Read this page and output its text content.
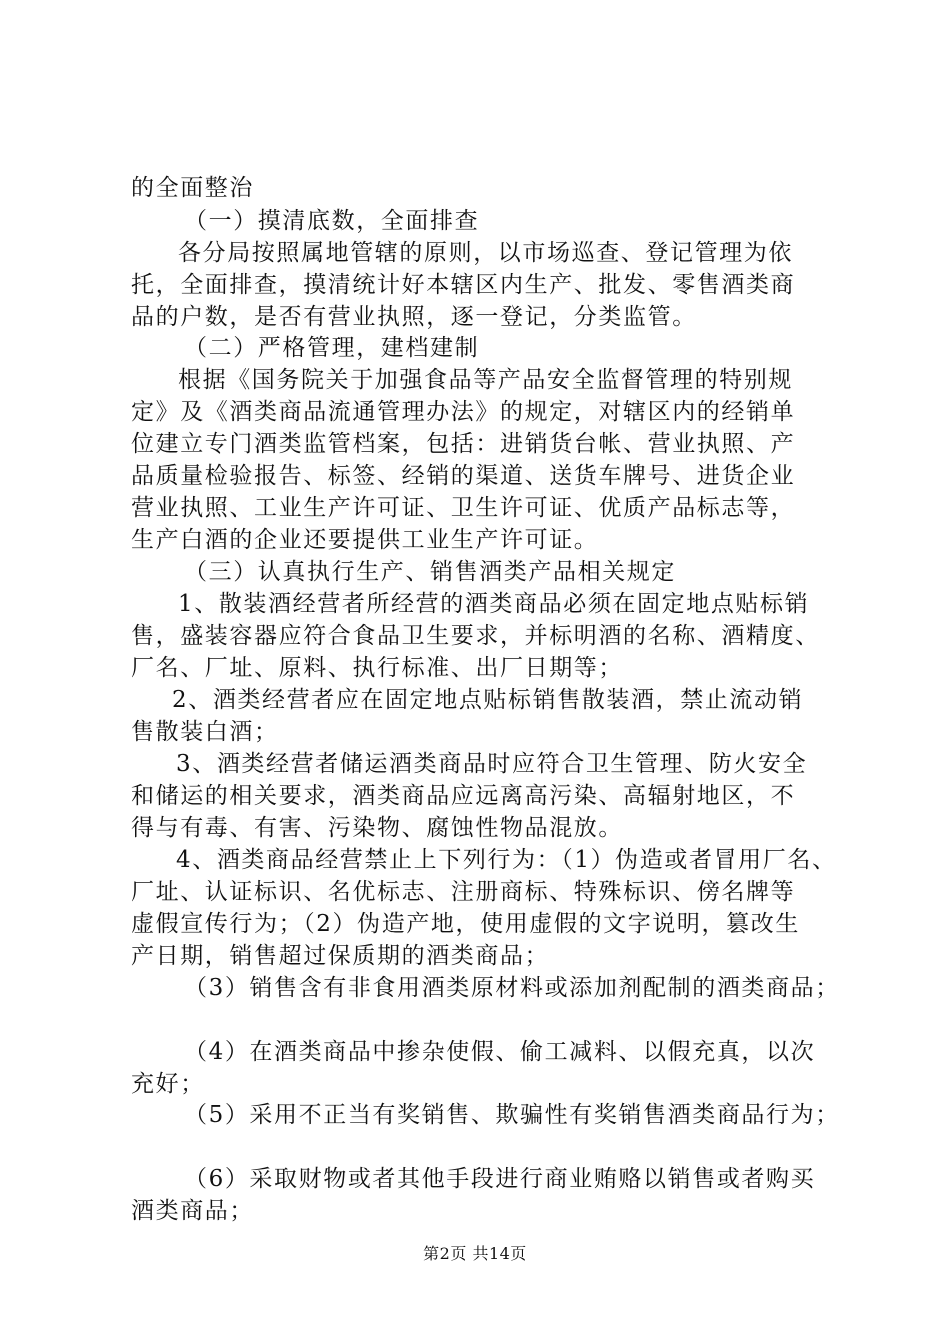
的全面整治
（一）摸清底数，全面排查
各分局按照属地管辖的原则，以市场巡查、登记管理为依
托，全面排查，摸清统计好本辖区内生产、批发、零售酒类商
品的户数，是否有营业执照，逐一登记，分类监管。
（二）严格管理，建档建制
根据《国务院关于加强食品等产品安全监督管理的特别规
定》及《酒类商品流通管理办法》的规定，对辖区内的经销单
位建立专门酒类监管档案，包括：进销货台帐、营业执照、产
品质量检验报告、标签、经销的渠道、送货车牌号、进货企业
营业执照、工业生产许可证、卫生许可证、优质产品标志等，
生产白酒的企业还要提供工业生产许可证。
（三）认真执行生产、销售酒类产品相关规定
1、散装酒经营者所经营的酒类商品必须在固定地点贴标销
售，盛装容器应符合食品卫生要求，并标明酒的名称、酒精度、
厂名、厂址、原料、执行标准、出厂日期等；
2、酒类经营者应在固定地点贴标销售散装酒，禁止流动销
售散装白酒；
3、酒类经营者储运酒类商品时应符合卫生管理、防火安全
和储运的相关要求，酒类商品应远离高污染、高辐射地区，不
得与有毒、有害、污染物、腐蚀性物品混放。
4、酒类商品经营禁止上下列行为：（1）伪造或者冒用厂名、
厂址、认证标识、名优标志、注册商标、特殊标识、傍名牌等
虚假宣传行为；（2）伪造产地，使用虚假的文字说明，篡改生
产日期，销售超过保质期的酒类商品；
（3）销售含有非食用酒类原材料或添加剂配制的酒类商品；
（4）在酒类商品中掺杂使假、偷工减料、以假充真，以次
充好；
（5）采用不正当有奖销售、欺骗性有奖销售酒类商品行为；
（6）采取财物或者其他手段进行商业贿赂以销售或者购买
酒类商品；
第2页 共14页
